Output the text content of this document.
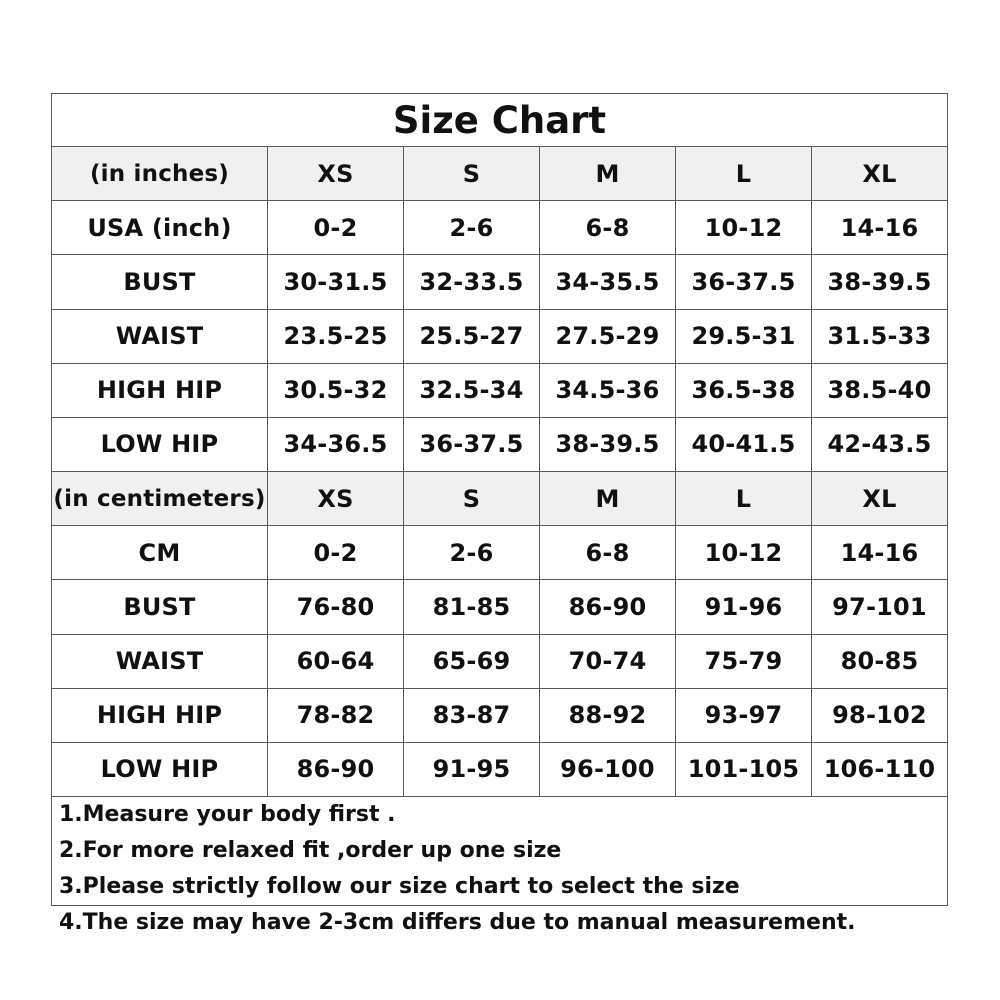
Size Chart
(in inches)	XS	S	M	L	XL
USA (inch)	0-2	2-6	6-8	10-12	14-16
BUST	30-31.5	32-33.5	34-35.5	36-37.5	38-39.5
WAIST	23.5-25	25.5-27	27.5-29	29.5-31	31.5-33
HIGH HIP	30.5-32	32.5-34	34.5-36	36.5-38	38.5-40
LOW HIP	34-36.5	36-37.5	38-39.5	40-41.5	42-43.5
(in centimeters)	XS	S	M	L	XL
CM	0-2	2-6	6-8	10-12	14-16
BUST	76-80	81-85	86-90	91-96	97-101
WAIST	60-64	65-69	70-74	75-79	80-85
HIGH HIP	78-82	83-87	88-92	93-97	98-102
LOW HIP	86-90	91-95	96-100	101-105	106-110
1.Measure your body first .
2.For more relaxed fit ,order up one size
3.Please strictly follow our size chart to select the size
4.The size may have 2-3cm differs due to manual measurement.
